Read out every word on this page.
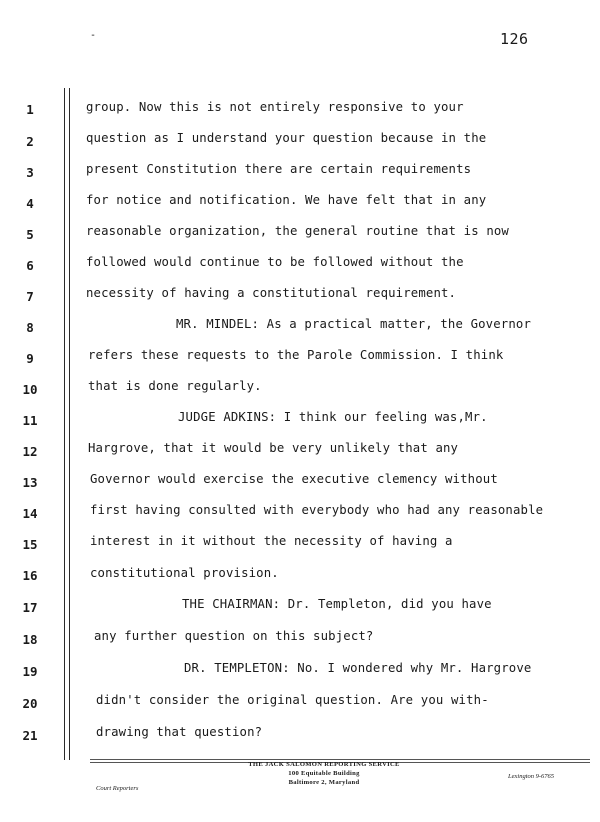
-	126
1
2
3
4
5
6
7
8
9
10
11
12
13
14
15
16
17
18
19
20
21
group. Now this is not entirely responsive to your
question as I understand your question because in the
present Constitution there are certain requirements
for notice and notification. We have felt that in any
reasonable organization, the general routine that is now
followed would continue to be followed without the
necessity of having a constitutional requirement.
MR. MINDEL: As a practical matter, the Governor
refers these requests to the Parole Commission. I think
that is done regularly.
JUDGE ADKINS: I think our feeling was,Mr.
Hargrove, that it would be very unlikely that any
Governor would exercise the executive clemency without
first having consulted with everybody who had any reasonable
interest in it without the necessity of having a
constitutional provision.
THE CHAIRMAN: Dr. Templeton, did you have
any further question on this subject?
DR. TEMPLETON: No. I wondered why Mr. Hargrove
didn't consider the original question. Are you with-
drawing that question?
THE JACK SALOMON REPORTING SERVICE
100 Equitable Building
Baltimore 2, Maryland
Court Reporters
Lexington 9-6765
